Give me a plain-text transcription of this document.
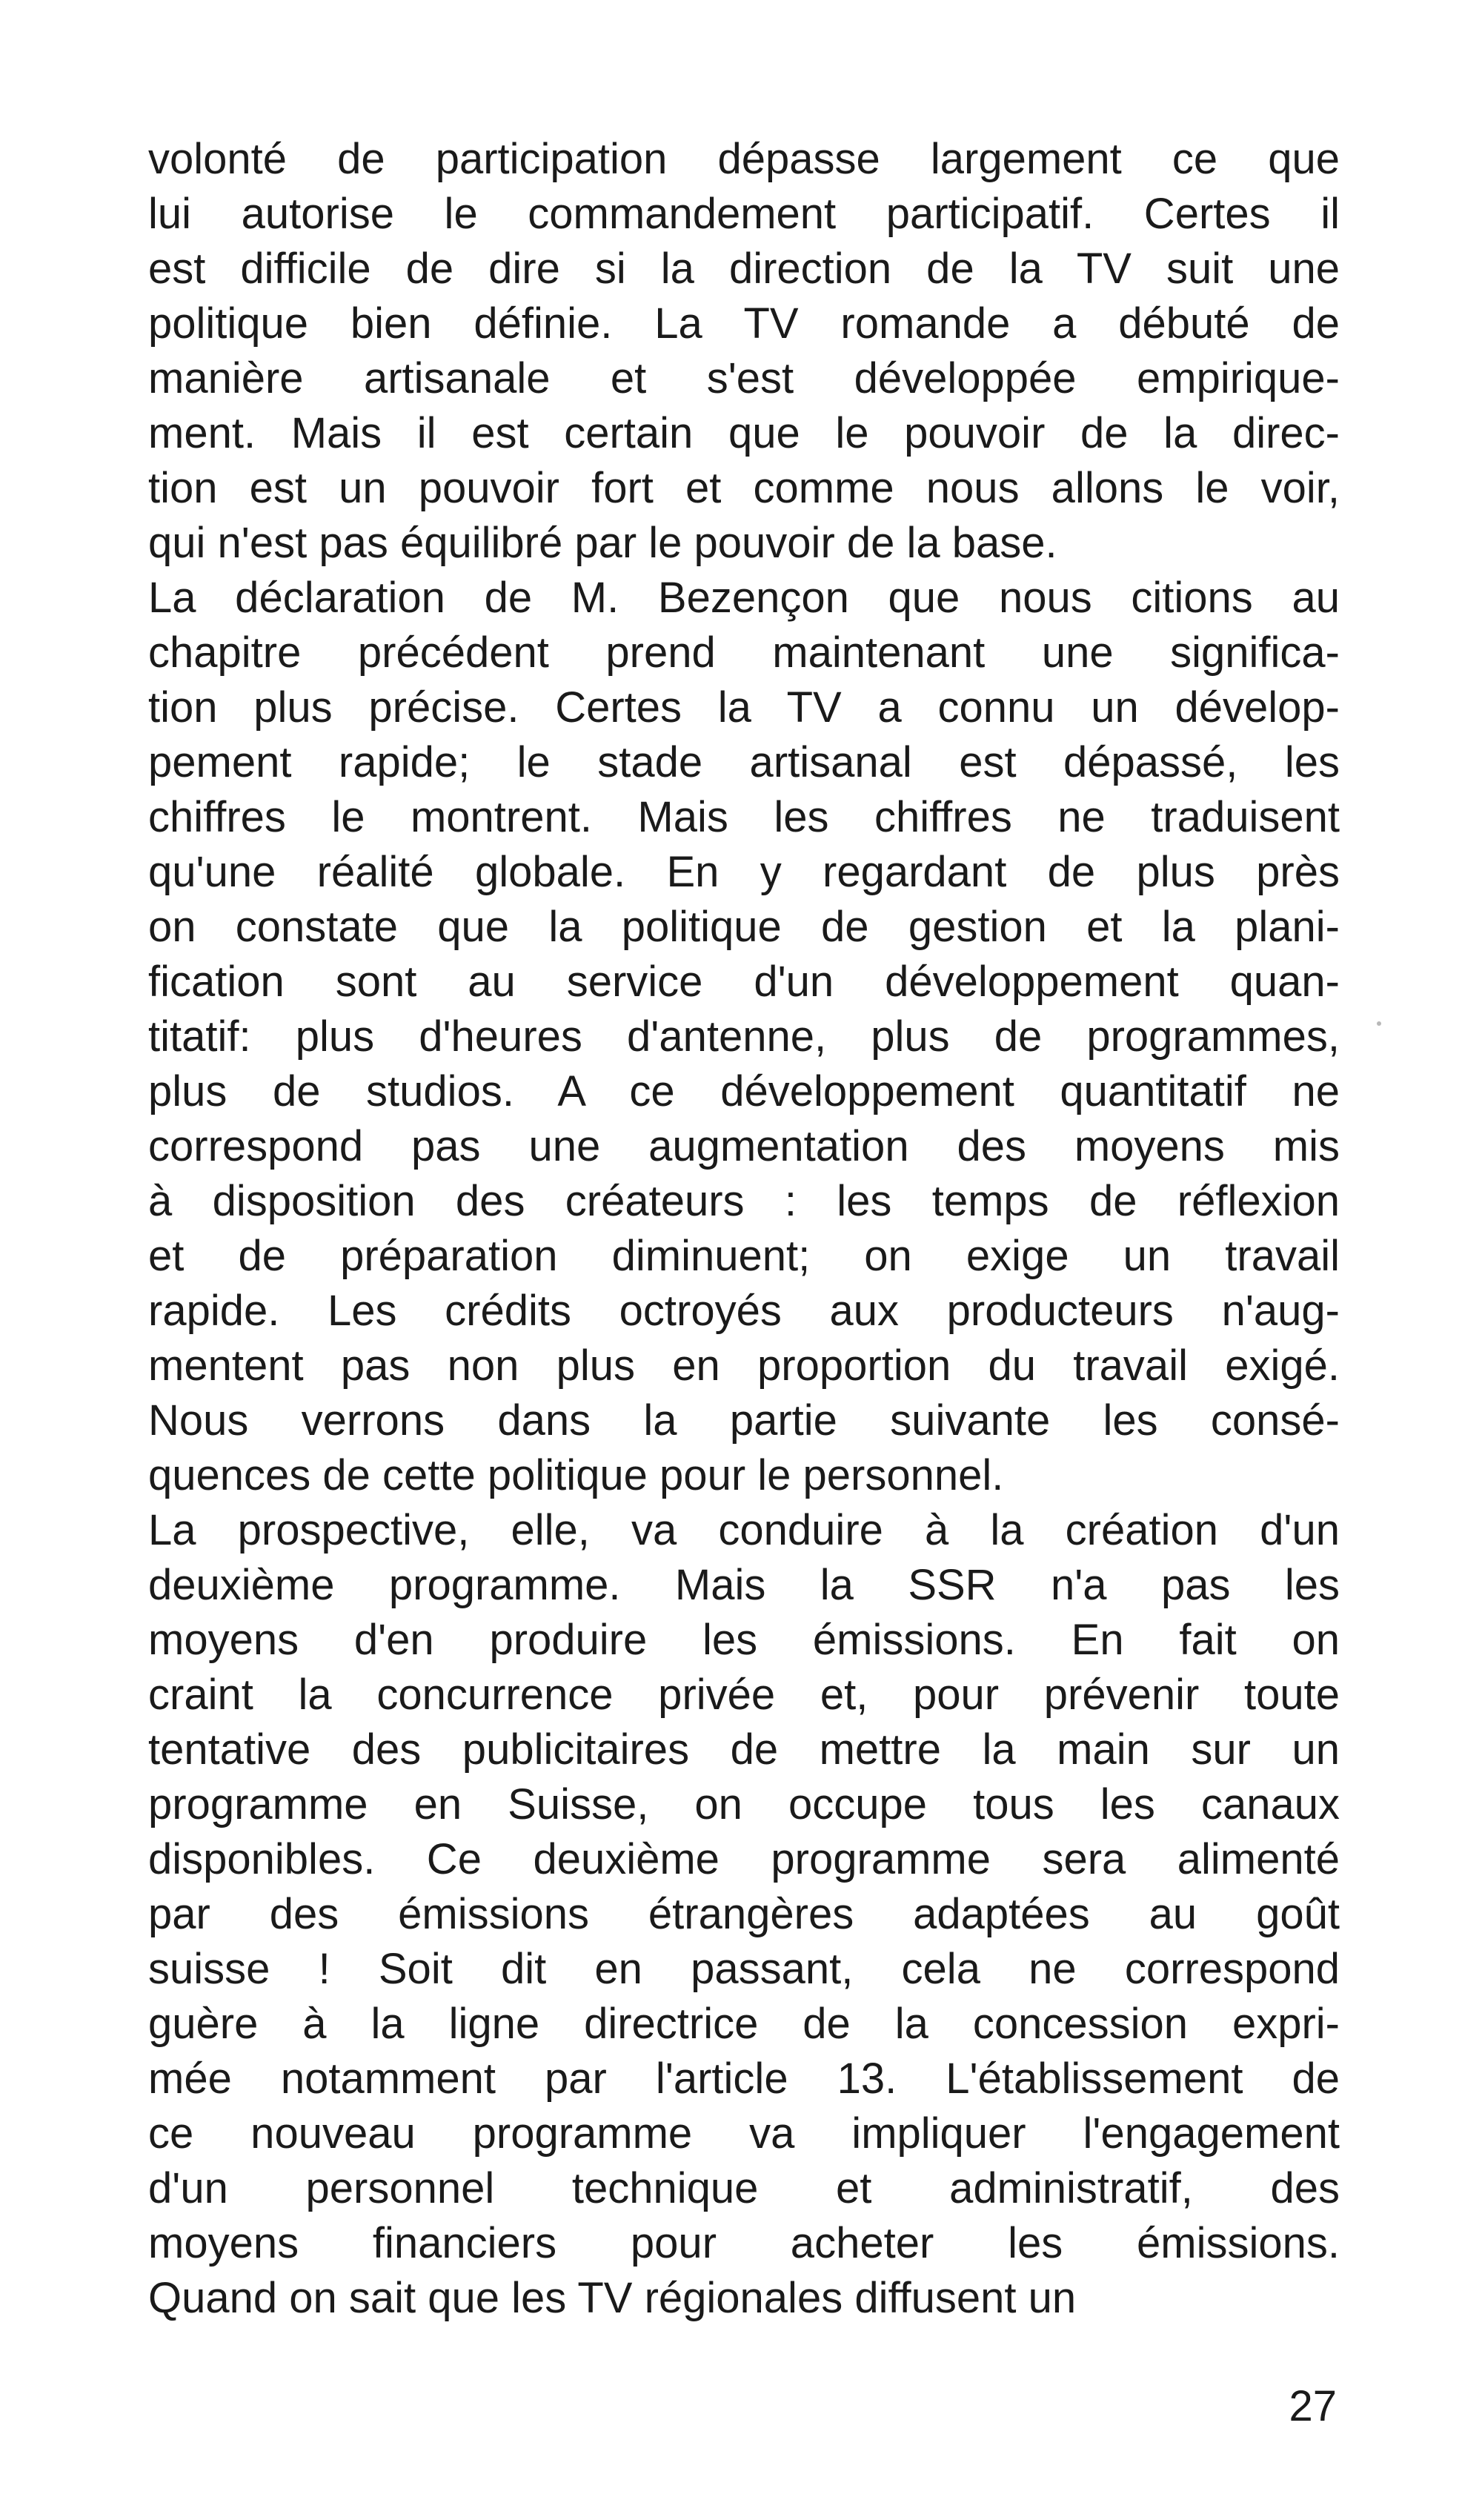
volonté de participation dépasse largement ce que
lui autorise le commandement participatif. Certes il
est difficile de dire si la direction de la TV suit une
politique bien définie. La TV romande a débuté de
manière artisanale et s'est développée empirique-
ment. Mais il est certain que le pouvoir de la direc-
tion est un pouvoir fort et comme nous allons le voir,
qui n'est pas équilibré par le pouvoir de la base.
La déclaration de M. Bezençon que nous citions au
chapitre précédent prend maintenant une significa-
tion plus précise. Certes la TV a connu un dévelop-
pement rapide; le stade artisanal est dépassé, les
chiffres le montrent. Mais les chiffres ne traduisent
qu'une réalité globale. En y regardant de plus près
on constate que la politique de gestion et la plani-
fication sont au service d'un développement quan-
titatif: plus d'heures d'antenne, plus de programmes,
plus de studios. A ce développement quantitatif ne
correspond pas une augmentation des moyens mis
à disposition des créateurs : les temps de réflexion
et de préparation diminuent; on exige un travail
rapide. Les crédits octroyés aux producteurs n'aug-
mentent pas non plus en proportion du travail exigé.
Nous verrons dans la partie suivante les consé-
quences de cette politique pour le personnel.
La prospective, elle, va conduire à la création d'un
deuxième programme. Mais la SSR n'a pas les
moyens d'en produire les émissions. En fait on
craint la concurrence privée et, pour prévenir toute
tentative des publicitaires de mettre la main sur un
programme en Suisse, on occupe tous les canaux
disponibles. Ce deuxième programme sera alimenté
par des émissions étrangères adaptées au goût
suisse ! Soit dit en passant, cela ne correspond
guère à la ligne directrice de la concession expri-
mée notamment par l'article 13. L'établissement de
ce nouveau programme va impliquer l'engagement
d'un personnel technique et administratif, des
moyens financiers pour acheter les émissions.
Quand on sait que les TV régionales diffusent un
27
